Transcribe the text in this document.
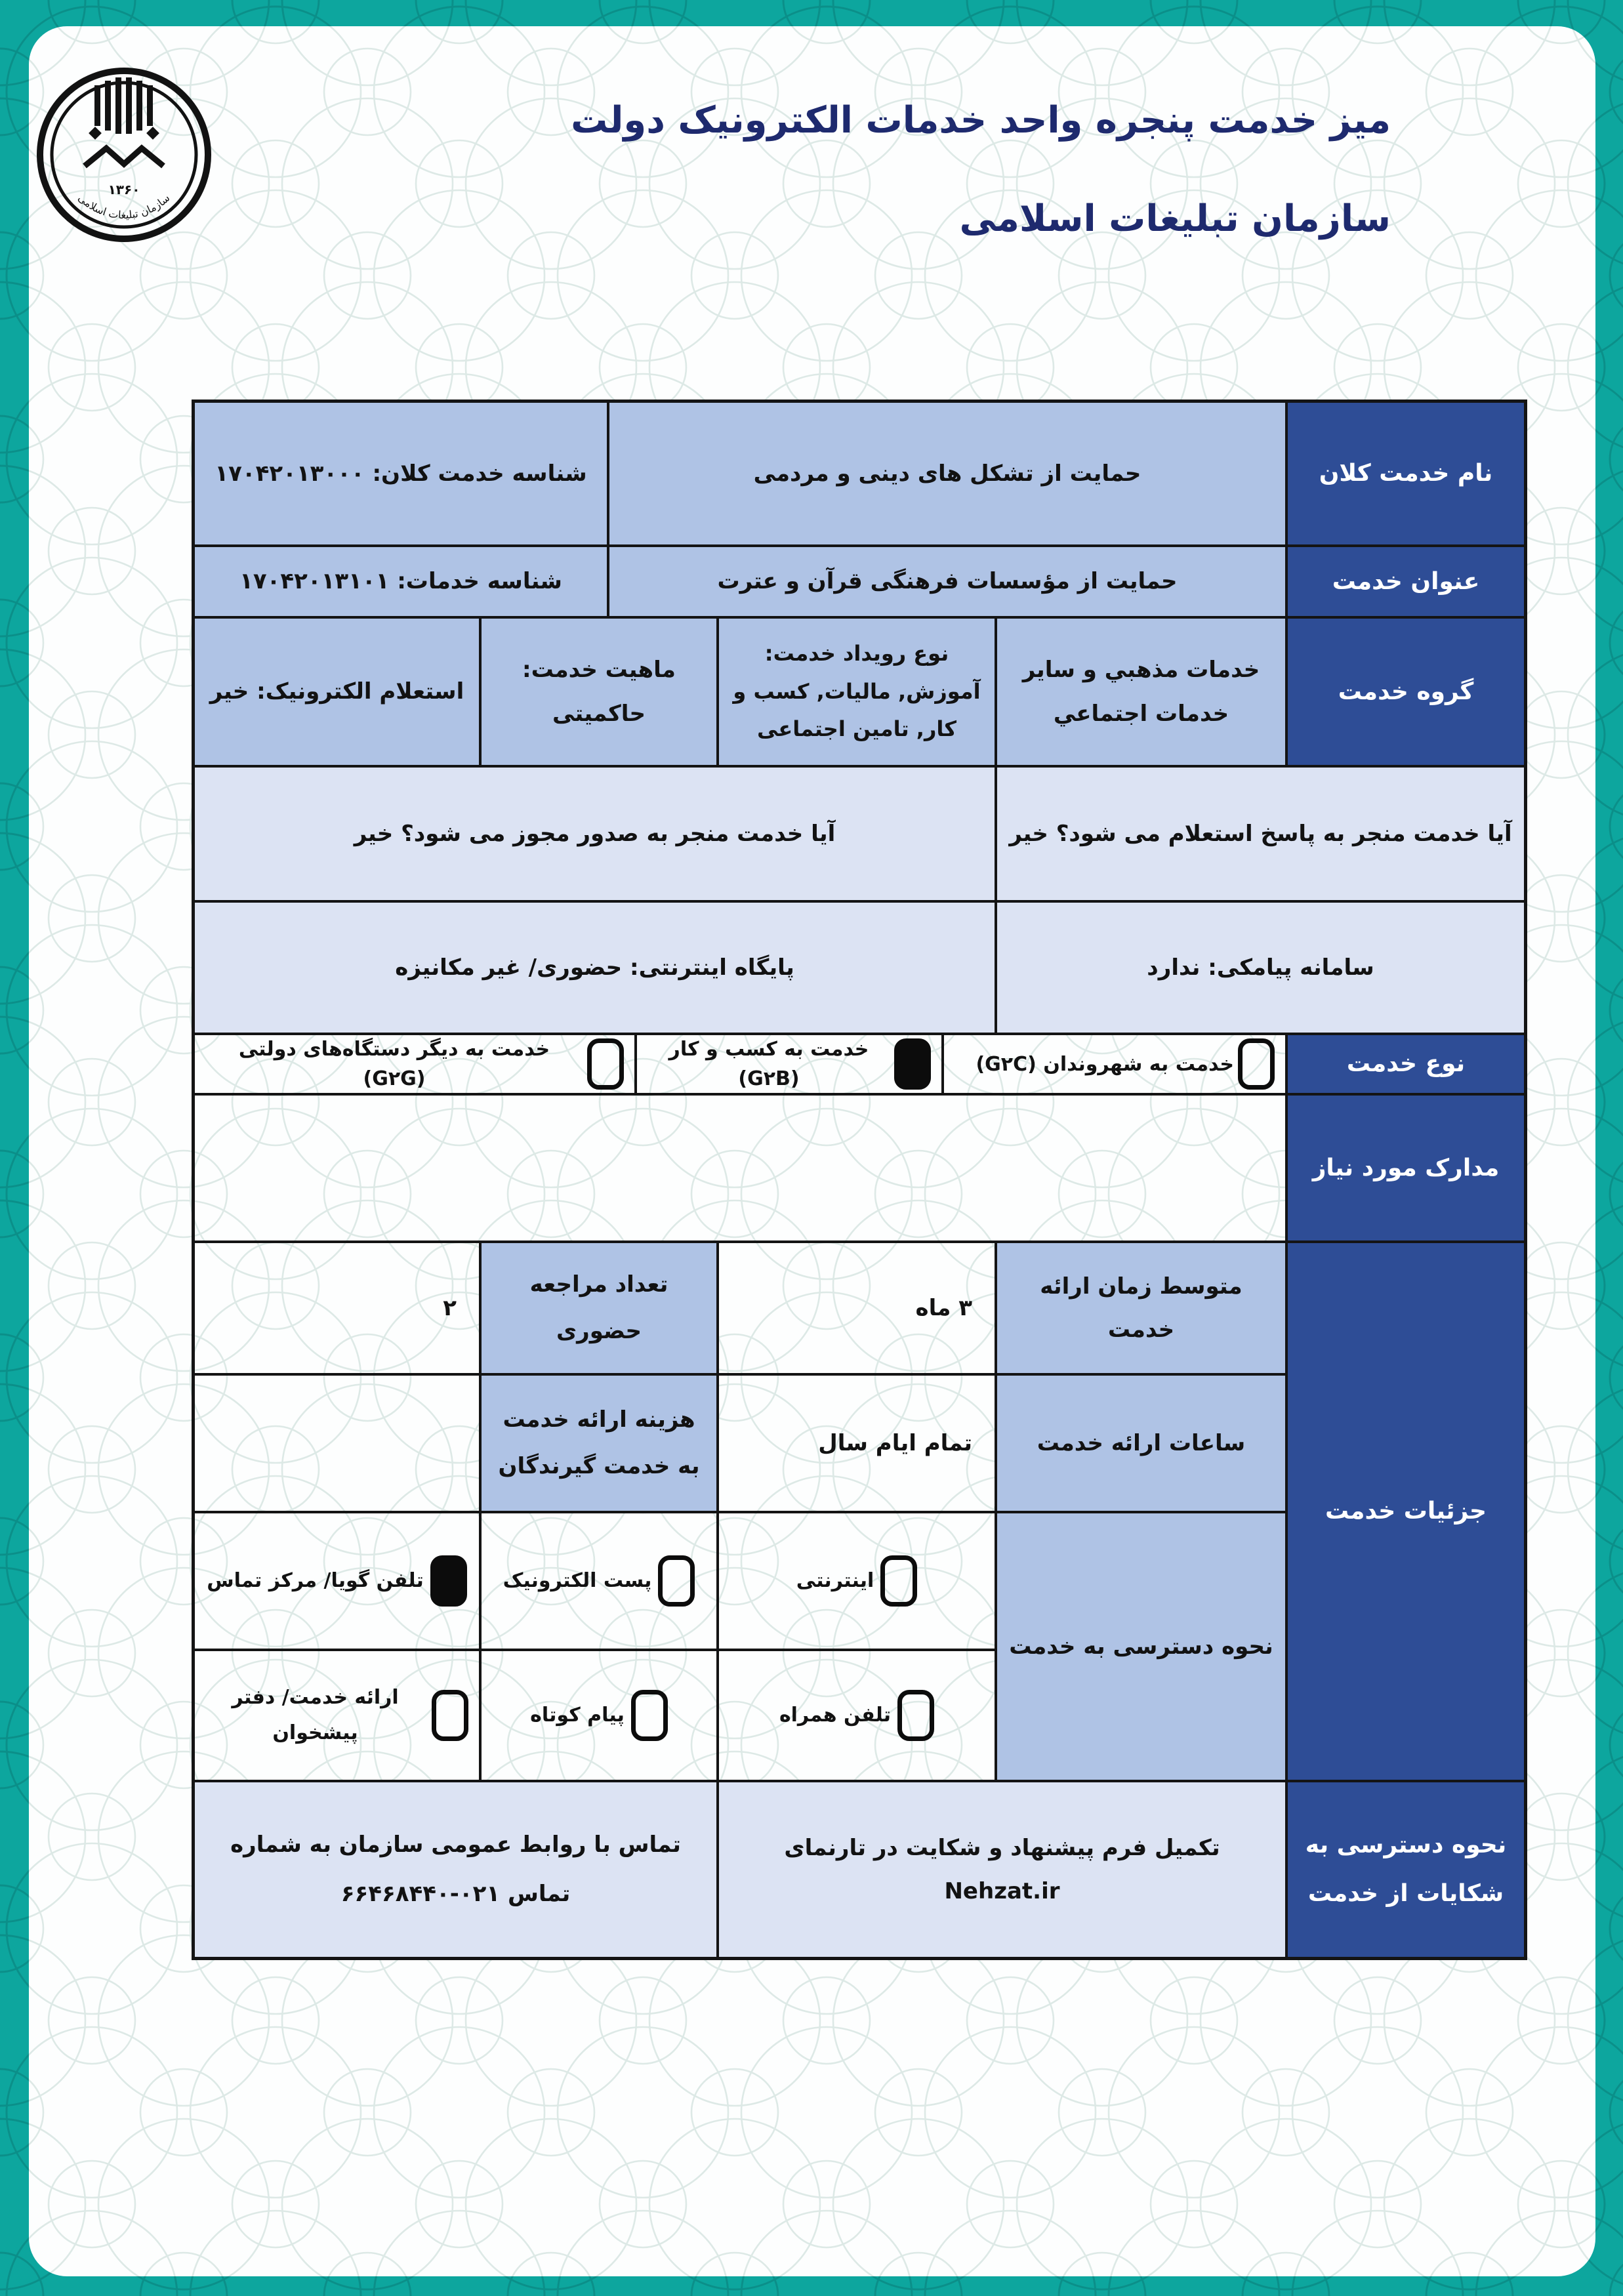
میز خدمت پنجره واحد خدمات الکترونیک دولت
سازمان تبلیغات اسلامی
۱۳۶۰
سازمان تبلیغات اسلامی
نام خدمت کلان
حمایت از تشکل های دینی و مردمی
شناسه خدمت کلان: ۱۷۰۴۲۰۱۳۰۰۰
عنوان خدمت
حمایت از مؤسسات فرهنگی قرآن و عترت
شناسه خدمات: ۱۷۰۴۲۰۱۳۱۰۱
گروه خدمت
خدمات مذهبي و ساير خدمات اجتماعي
نوع رویداد خدمت: آموزش, مالیات, کسب و کار, تامین اجتماعی
ماهیت خدمت: حاکمیتی
استعلام الکترونیک: خیر
آیا خدمت منجر به پاسخ استعلام می شود؟ خیر
آیا خدمت منجر به صدور مجوز می شود؟ خیر
سامانه پیامکی: ندارد
پایگاه اینترنتی: حضوری/ غیر مکانیزه
نوع خدمت
خدمت به شهروندان (G۲C)
خدمت به کسب و کار (G۲B)
خدمت به دیگر دستگاه‌های دولتی (G۲G)
مدارک مورد نیاز
جزئیات خدمت
متوسط زمان ارائه خدمت
۳ ماه
تعداد مراجعه حضوری
۲
ساعات ارائه خدمت
تمام ایام سال
هزینه ارائه خدمت به خدمت گیرندگان
نحوه دسترسی به خدمت
اینترنتی
پست الکترونیک
تلفن گویا/ مرکز تماس
تلفن همراه
پیام کوتاه
ارائه خدمت/ دفتر پیشخوان
نحوه دسترسی به شکایات از خدمت
تکمیل فرم پیشنهاد و شکایت در تارنمای Nehzat.ir
تماس با روابط عمومی سازمان به شماره تماس ۰۲۱-۶۶۴۶۸۴۴۰
